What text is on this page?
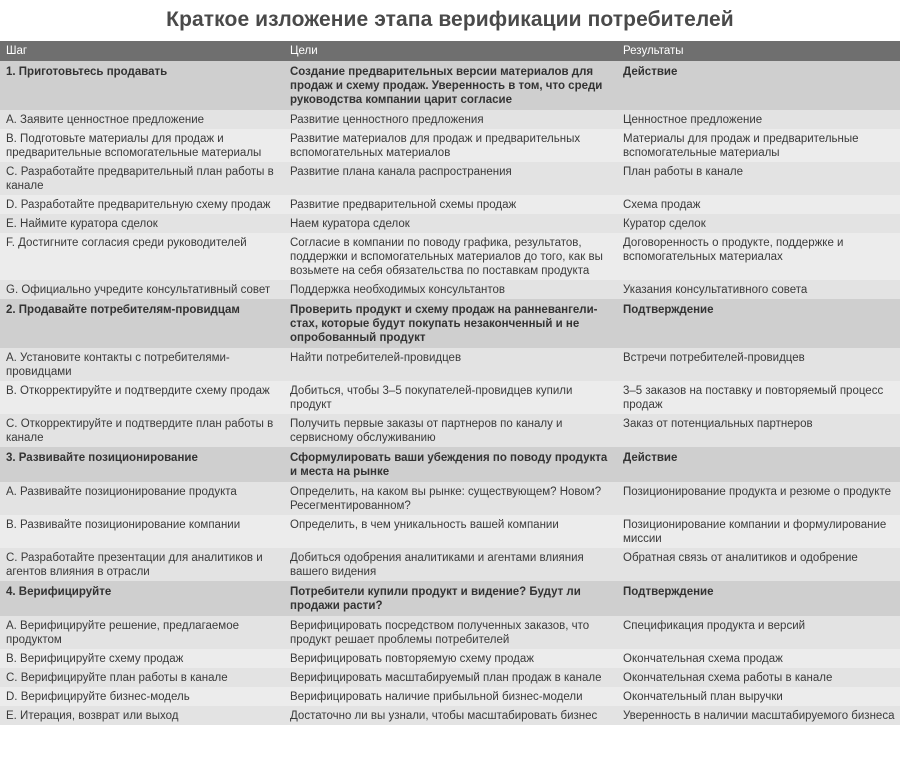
Краткое изложение этапа верификации потребителей
Шаг	Цели	Результаты
1. Приготовьтесь продавать	Создание предварительных версии материалов для продаж и схему продаж. Уверенность в том, что среди руководства компании царит согласие	Действие
A. Заявите ценностное предложение	Развитие ценностного предложения	Ценностное предложение
B. Подготовьте материалы для продаж и предварительные вспомогательные материалы	Развитие материалов для продаж и предварительных вспомогательных материалов	Материалы для продаж и предварительные вспомогательные материалы
C. Разработайте предварительный план работы в канале	Развитие плана канала распространения	План работы в канале
D. Разработайте предварительную схему продаж	Развитие предварительной схемы продаж	Схема продаж
E. Наймите куратора сделок	Наем куратора сделок	Куратор сделок
F. Достигните согласия среди руководителей	Согласие в компании по поводу графика, результатов, поддержки и вспомогательных материалов до того, как вы возьмете на себя обязательства по поставкам продукта	Договоренность о продукте, поддержке и вспомогательных материалах
G. Официально учредите консультативный совет	Поддержка необходимых консультантов	Указания консультативного совета
2. Продавайте потребителям-провидцам	Проверить продукт и схему продаж на ранневангелистах, которые будут покупать незаконченный и не опробованный продукт	Подтверждение
A. Установите контакты с потребителями-провидцами	Найти потребителей-провидцев	Встречи потребителей-провидцев
B. Откорректируйте и подтвердите схему продаж	Добиться, чтобы 3–5 покупателей-провидцев купили продукт	3–5 заказов на поставку и повторяемый процесс продаж
C. Откорректируйте и подтвердите план работы в канале	Получить первые заказы от партнеров по каналу и сервисному обслуживанию	Заказ от потенциальных партнеров
3. Развивайте позиционирование	Сформулировать ваши убеждения по поводу продукта и места на рынке	Действие
A. Развивайте позиционирование продукта	Определить, на каком вы рынке: существующем? Новом? Ресегментированном?	Позиционирование продукта и резюме о продукте
B. Развивайте позиционирование компании	Определить, в чем уникальность вашей компании	Позиционирование компании и формулирование миссии
C. Разработайте презентации для аналитиков и агентов влияния в отрасли	Добиться одобрения аналитиками и агентами влияния вашего видения	Обратная связь от аналитиков и одобрение
4. Верифицируйте	Потребители купили продукт и видение? Будут ли продажи расти?	Подтверждение
A. Верифицируйте решение, предлагаемое продуктом	Верифицировать посредством полученных заказов, что продукт решает проблемы потребителей	Спецификация продукта и версий
B. Верифицируйте схему продаж	Верифицировать повторяемую схему продаж	Окончательная схема продаж
C. Верифицируйте план работы в канале	Верифицировать масштабируемый план продаж в канале	Окончательная схема работы в канале
D. Верифицируйте бизнес-модель	Верифицировать наличие прибыльной бизнес-модели	Окончательный план выручки
E. Итерация, возврат или выход	Достаточно ли вы узнали, чтобы масштабировать бизнес	Уверенность в наличии масштабируемого бизнеса
